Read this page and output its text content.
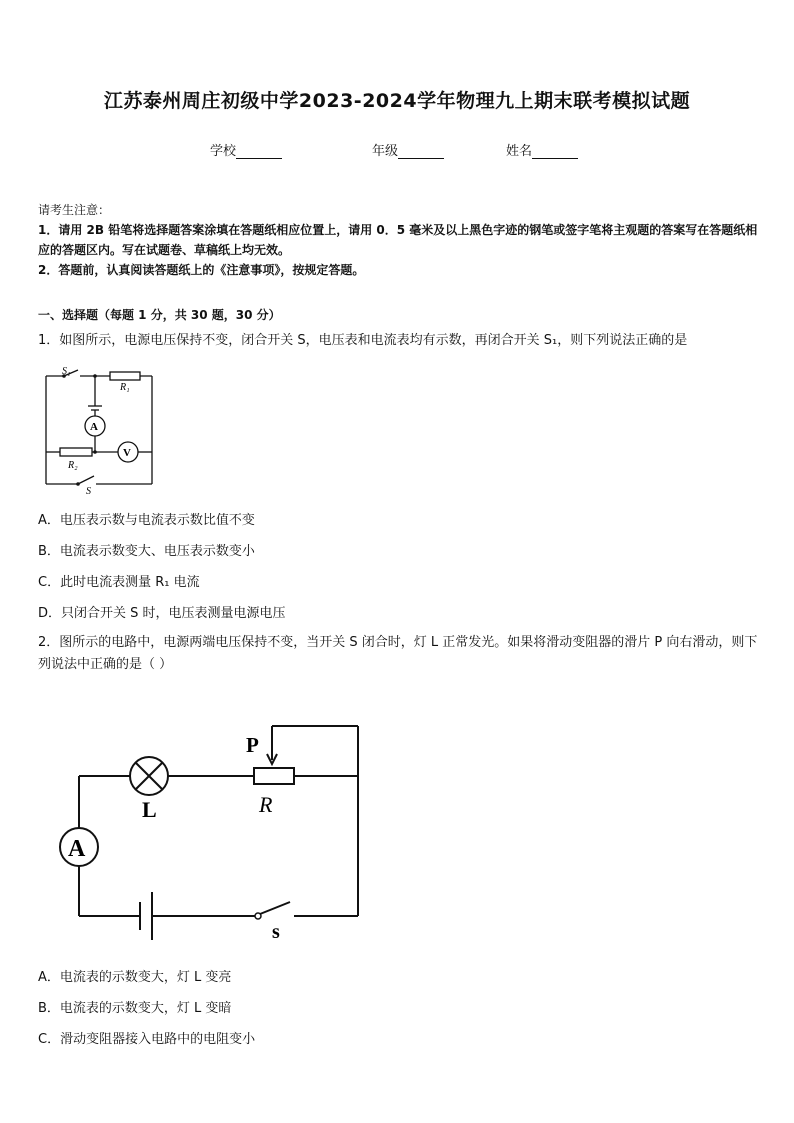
江苏泰州周庄初级中学2023-2024学年物理九上期末联考模拟试题
学校	年级	姓名
请考生注意：
1．请用 2B 铅笔将选择题答案涂填在答题纸相应位置上，请用 0．5 毫米及以上黑色字迹的钢笔或签字笔将主观题的答案写在答题纸相应的答题区内。写在试题卷、草稿纸上均无效。
2．答题前，认真阅读答题纸上的《注意事项》，按规定答题。
一、选择题（每题 1 分，共 30 题，30 分）
1．如图所示，电源电压保持不变，闭合开关 S，电压表和电流表均有示数，再闭合开关 S₁，则下列说法正确的是
S₁
R₁
A
V
R₂
S
A．电压表示数与电流表示数比值不变
B．电流表示数变大、电压表示数变小
C．此时电流表测量 R₁ 电流
D．只闭合开关 S 时，电压表测量电源电压
2．图所示的电路中，电源两端电压保持不变，当开关 S 闭合时，灯 L 正常发光。如果将滑动变阻器的滑片 P 向右滑动，则下列说法中正确的是（ ）
P
R
L
A
s
A．电流表的示数变大，灯 L 变亮
B．电流表的示数变大，灯 L 变暗
C．滑动变阻器接入电路中的电阻变小
